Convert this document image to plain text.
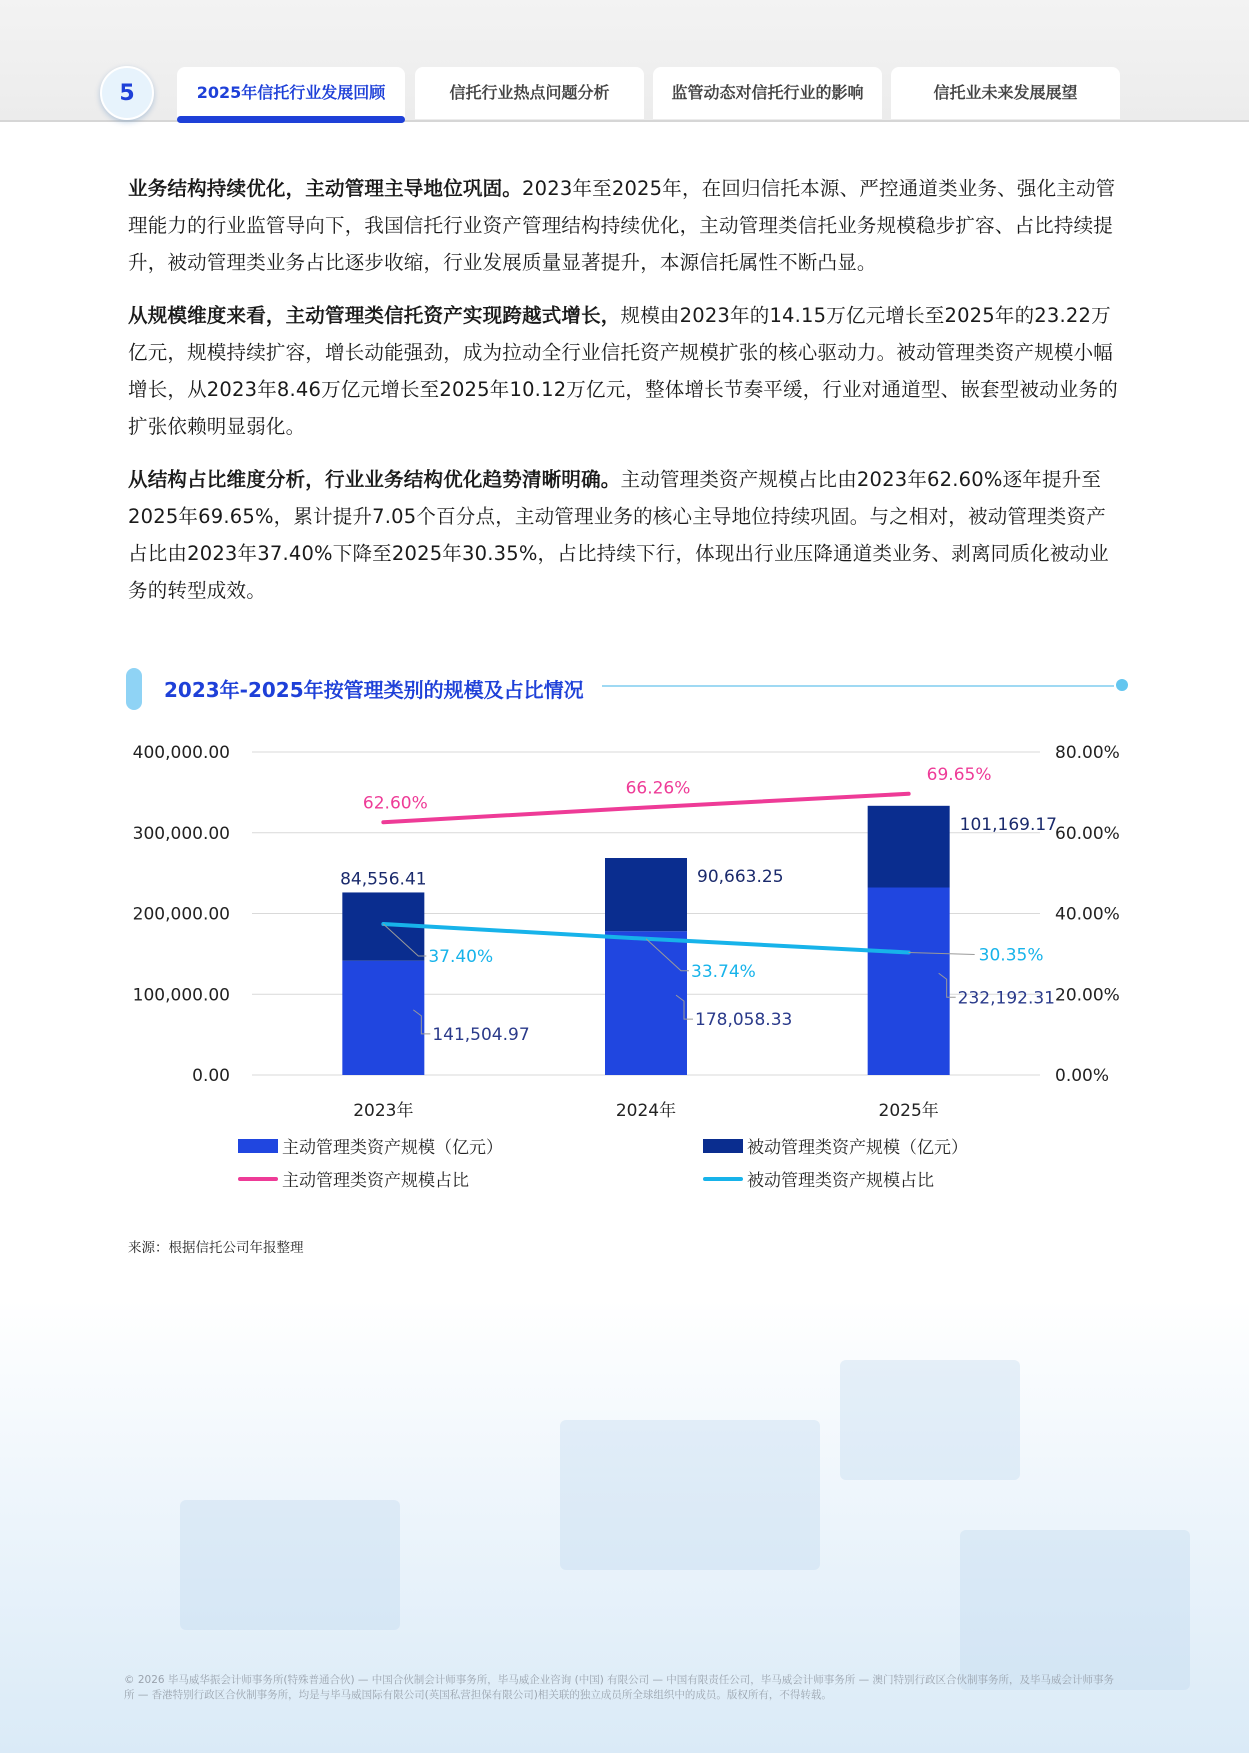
5	2025年信托行业发展回顾	信托行业热点问题分析	监管动态对信托行业的影响	信托业未来发展展望

业务结构持续优化，主动管理主导地位巩固。2023年至2025年，在回归信托本源、严控通道类业务、强化主动管理能力的行业监管导向下，我国信托行业资产管理结构持续优化，主动管理类信托业务规模稳步扩容、占比持续提升，被动管理类业务占比逐步收缩，行业发展质量显著提升，本源信托属性不断凸显。

从规模维度来看，主动管理类信托资产实现跨越式增长，规模由2023年的14.15万亿元增长至2025年的23.22万亿元，规模持续扩容，增长动能强劲，成为拉动全行业信托资产规模扩张的核心驱动力。被动管理类资产规模小幅增长，从2023年8.46万亿元增长至2025年10.12万亿元，整体增长节奏平缓，行业对通道型、嵌套型被动业务的扩张依赖明显弱化。

从结构占比维度分析，行业业务结构优化趋势清晰明确。主动管理类资产规模占比由2023年62.60%逐年提升至2025年69.65%，累计提升7.05个百分点，主动管理业务的核心主导地位持续巩固。与之相对，被动管理类资产占比由2023年37.40%下降至2025年30.35%，占比持续下行，体现出行业压降通道类业务、剥离同质化被动业务的转型成效。

2023年-2025年按管理类别的规模及占比情况
0.00
100,000.00
200,000.00
300,000.00
400,000.00
0.00%
20.00%
40.00%
60.00%
80.00%
2023年	2024年	2025年
141,504.97
178,058.33
232,192.31
84,556.41	90,663.25
101,169.17
62.60%
66.26%
69.65%
37.40%
33.74%
30.35%
主动管理类资产规模（亿元）	被动管理类资产规模（亿元）
主动管理类资产规模占比	被动管理类资产规模占比
来源：根据信托公司年报整理
© 2026 毕马威华振会计师事务所(特殊普通合伙) — 中国合伙制会计师事务所，毕马威企业咨询 (中国) 有限公司 — 中国有限责任公司，毕马威会计师事务所 — 澳门特别行政区合伙制事务所，及毕马威会计师事务所 — 香港特别行政区合伙制事务所，均是与毕马威国际有限公司(英国私营担保有限公司)相关联的独立成员所全球组织中的成员。版权所有，不得转载。
